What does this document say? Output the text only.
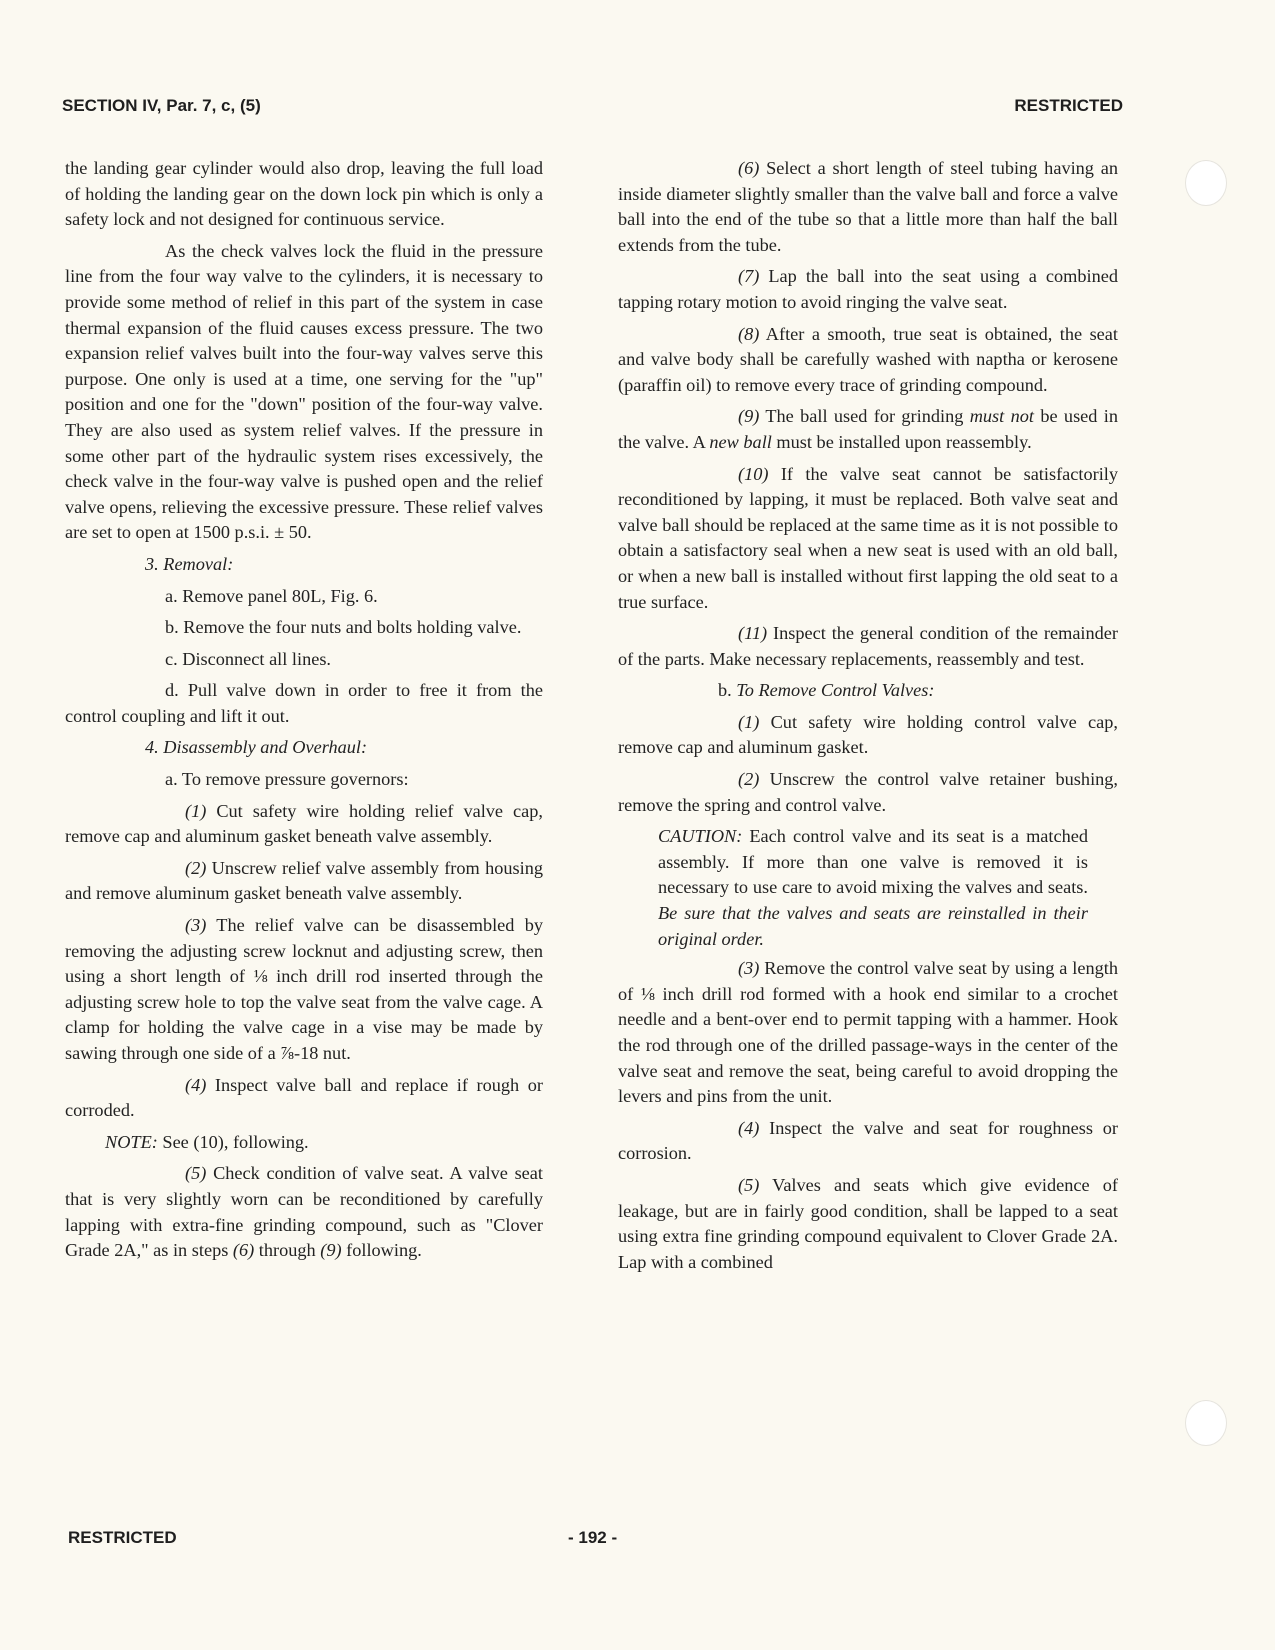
SECTION IV, Par. 7, c, (5)	RESTRICTED

the landing gear cylinder would also drop, leaving the full load of holding the landing gear on the down lock pin which is only a safety lock and not designed for continuous service.

As the check valves lock the fluid in the pressure line from the four way valve to the cylinders, it is necessary to provide some method of relief in this part of the system in case thermal expansion of the fluid causes excess pressure. The two expansion relief valves built into the four-way valves serve this purpose. One only is used at a time, one serving for the "up" position and one for the "down" position of the four-way valve. They are also used as system relief valves. If the pressure in some other part of the hydraulic system rises excessively, the check valve in the four-way valve is pushed open and the relief valve opens, relieving the excessive pressure. These relief valves are set to open at 1500 p.s.i. ± 50.

3. Removal:

a. Remove panel 80L, Fig. 6.

b. Remove the four nuts and bolts holding valve.

c. Disconnect all lines.

d. Pull valve down in order to free it from the control coupling and lift it out.

4. Disassembly and Overhaul:

a. To remove pressure governors:

(1) Cut safety wire holding relief valve cap, remove cap and aluminum gasket beneath valve assembly.

(2) Unscrew relief valve assembly from housing and remove aluminum gasket beneath valve assembly.

(3) The relief valve can be disassembled by removing the adjusting screw locknut and adjusting screw, then using a short length of ⅛ inch drill rod inserted through the adjusting screw hole to top the valve seat from the valve cage. A clamp for holding the valve cage in a vise may be made by sawing through one side of a ⅞-18 nut.

(4) Inspect valve ball and replace if rough or corroded.

NOTE: See (10), following.

(5) Check condition of valve seat. A valve seat that is very slightly worn can be reconditioned by carefully lapping with extra-fine grinding compound, such as "Clover Grade 2A," as in steps (6) through (9) following.

(6) Select a short length of steel tubing having an inside diameter slightly smaller than the valve ball and force a valve ball into the end of the tube so that a little more than half the ball extends from the tube.

(7) Lap the ball into the seat using a combined tapping rotary motion to avoid ringing the valve seat.

(8) After a smooth, true seat is obtained, the seat and valve body shall be carefully washed with naptha or kerosene (paraffin oil) to remove every trace of grinding compound.

(9) The ball used for grinding must not be used in the valve. A new ball must be installed upon reassembly.

(10) If the valve seat cannot be satisfactorily reconditioned by lapping, it must be replaced. Both valve seat and valve ball should be replaced at the same time as it is not possible to obtain a satisfactory seal when a new seat is used with an old ball, or when a new ball is installed without first lapping the old seat to a true surface.

(11) Inspect the general condition of the remainder of the parts. Make necessary replacements, reassembly and test.

b. To Remove Control Valves:

(1) Cut safety wire holding control valve cap, remove cap and aluminum gasket.

(2) Unscrew the control valve retainer bushing, remove the spring and control valve.

CAUTION: Each control valve and its seat is a matched assembly. If more than one valve is removed it is necessary to use care to avoid mixing the valves and seats. Be sure that the valves and seats are reinstalled in their original order.

(3) Remove the control valve seat by using a length of ⅛ inch drill rod formed with a hook end similar to a crochet needle and a bent-over end to permit tapping with a hammer. Hook the rod through one of the drilled passage-ways in the center of the valve seat and remove the seat, being careful to avoid dropping the levers and pins from the unit.

(4) Inspect the valve and seat for roughness or corrosion.

(5) Valves and seats which give evidence of leakage, but are in fairly good condition, shall be lapped to a seat using extra fine grinding compound equivalent to Clover Grade 2A. Lap with a combined

RESTRICTED	- 192 -
